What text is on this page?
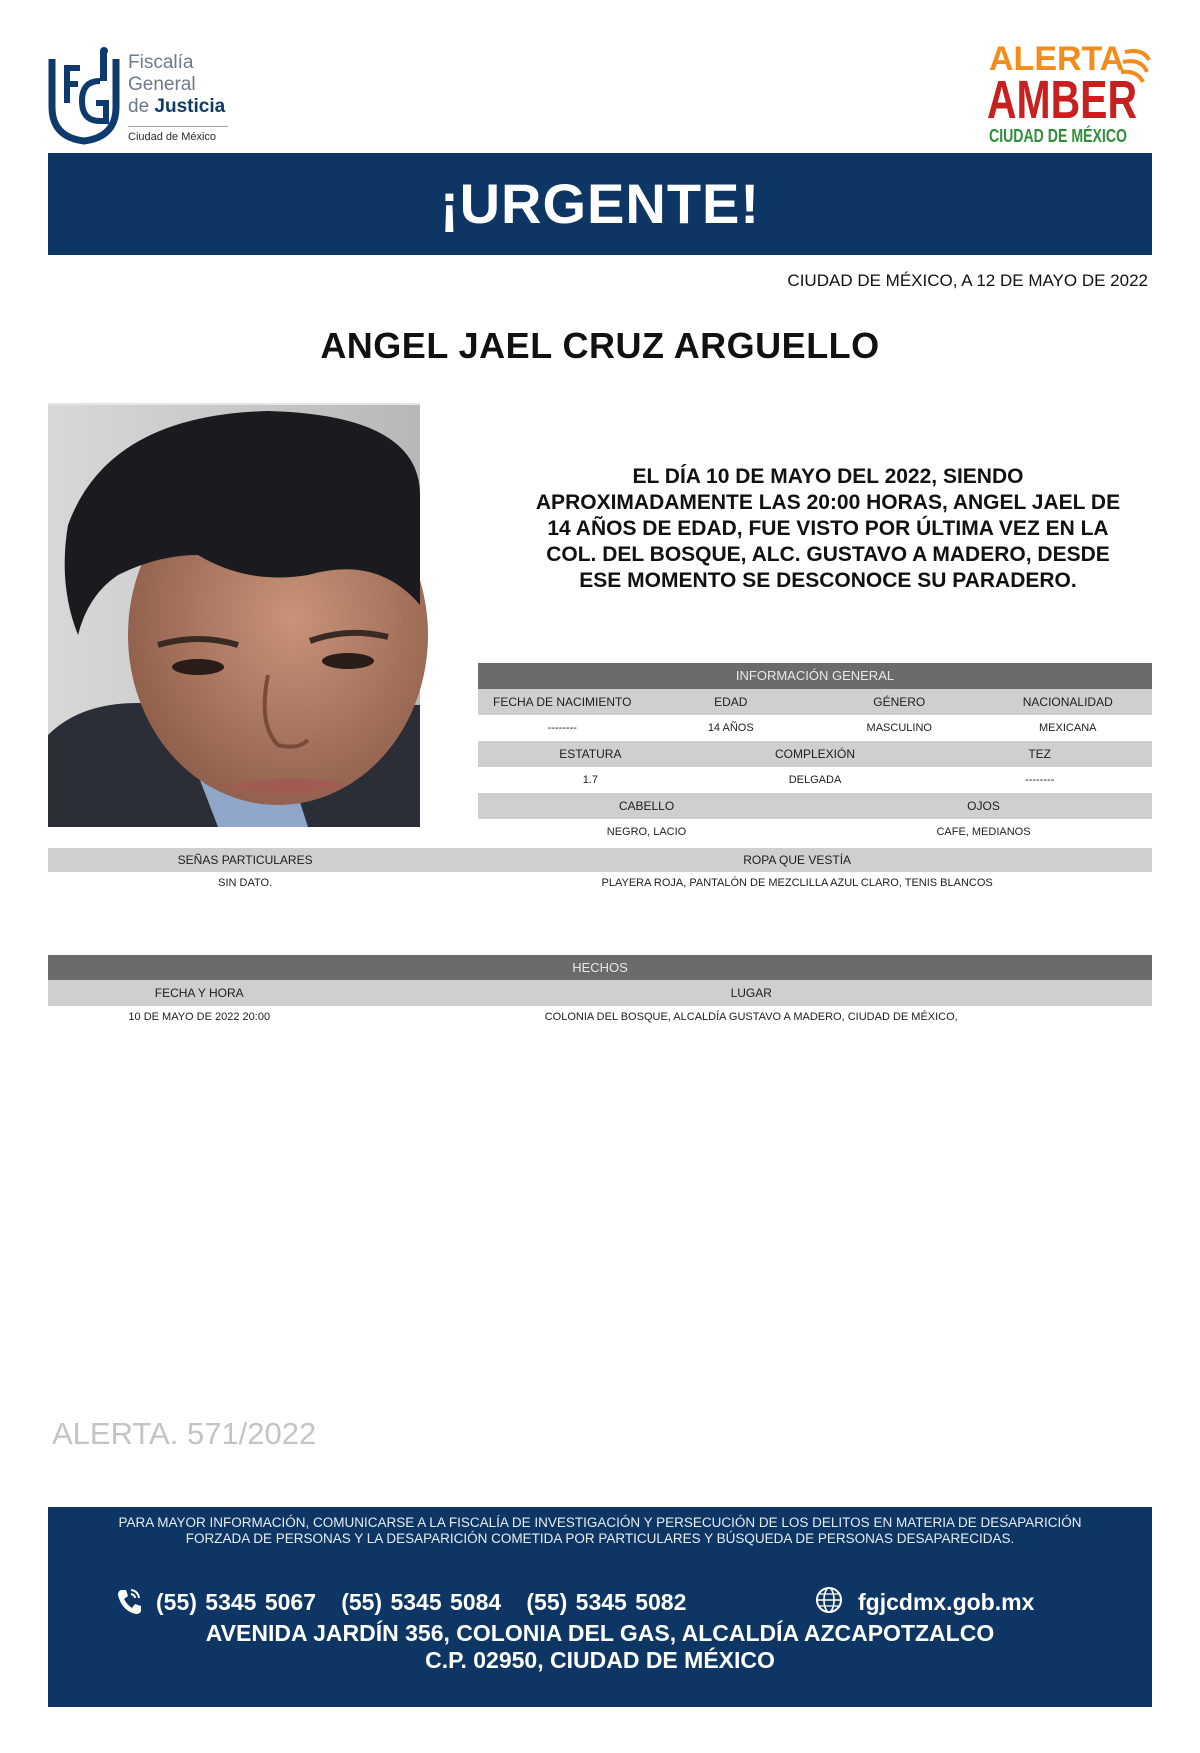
Fiscalía
General
de Justicia
Ciudad de México
ALERTA
AMBER
CIUDAD DE MÉXICO
¡URGENTE!
CIUDAD DE MÉXICO, A 12 DE MAYO DE 2022
ANGEL JAEL CRUZ ARGUELLO
EL DÍA 10 DE MAYO DEL 2022, SIENDO
APROXIMADAMENTE LAS 20:00 HORAS, ANGEL JAEL DE
14 AÑOS DE EDAD, FUE VISTO POR ÚLTIMA VEZ EN LA
COL. DEL BOSQUE, ALC. GUSTAVO A MADERO, DESDE
ESE MOMENTO SE DESCONOCE SU PARADERO.
INFORMACIÓN GENERAL
FECHA DE NACIMIENTO	EDAD	GÉNERO	NACIONALIDAD
--------	14 AÑOS	MASCULINO	MEXICANA
ESTATURA	COMPLEXIÓN	TEZ
1.7	DELGADA	--------
CABELLO	OJOS
NEGRO, LACIO	CAFE, MEDIANOS
SEÑAS PARTICULARES	ROPA QUE VESTÍA
SIN DATO.	PLAYERA ROJA, PANTALÓN DE MEZCLILLA AZUL CLARO, TENIS BLANCOS
HECHOS
FECHA Y HORA	LUGAR
10 DE MAYO DE 2022 20:00	COLONIA DEL BOSQUE, ALCALDÍA GUSTAVO A MADERO, CIUDAD DE MÉXICO,
ALERTA. 571/2022
PARA MAYOR INFORMACIÓN, COMUNICARSE A LA FISCALÍA DE INVESTIGACIÓN Y PERSECUCIÓN DE LOS DELITOS EN MATERIA DE DESAPARICIÓN
FORZADA DE PERSONAS Y LA DESAPARICIÓN COMETIDA POR PARTICULARES Y BÚSQUEDA DE PERSONAS DESAPARECIDAS.
(55) 5345 5067 (55) 5345 5084 (55) 5345 5082	fgjcdmx.gob.mx
AVENIDA JARDÍN 356, COLONIA DEL GAS, ALCALDÍA AZCAPOTZALCO
C.P. 02950, CIUDAD DE MÉXICO
